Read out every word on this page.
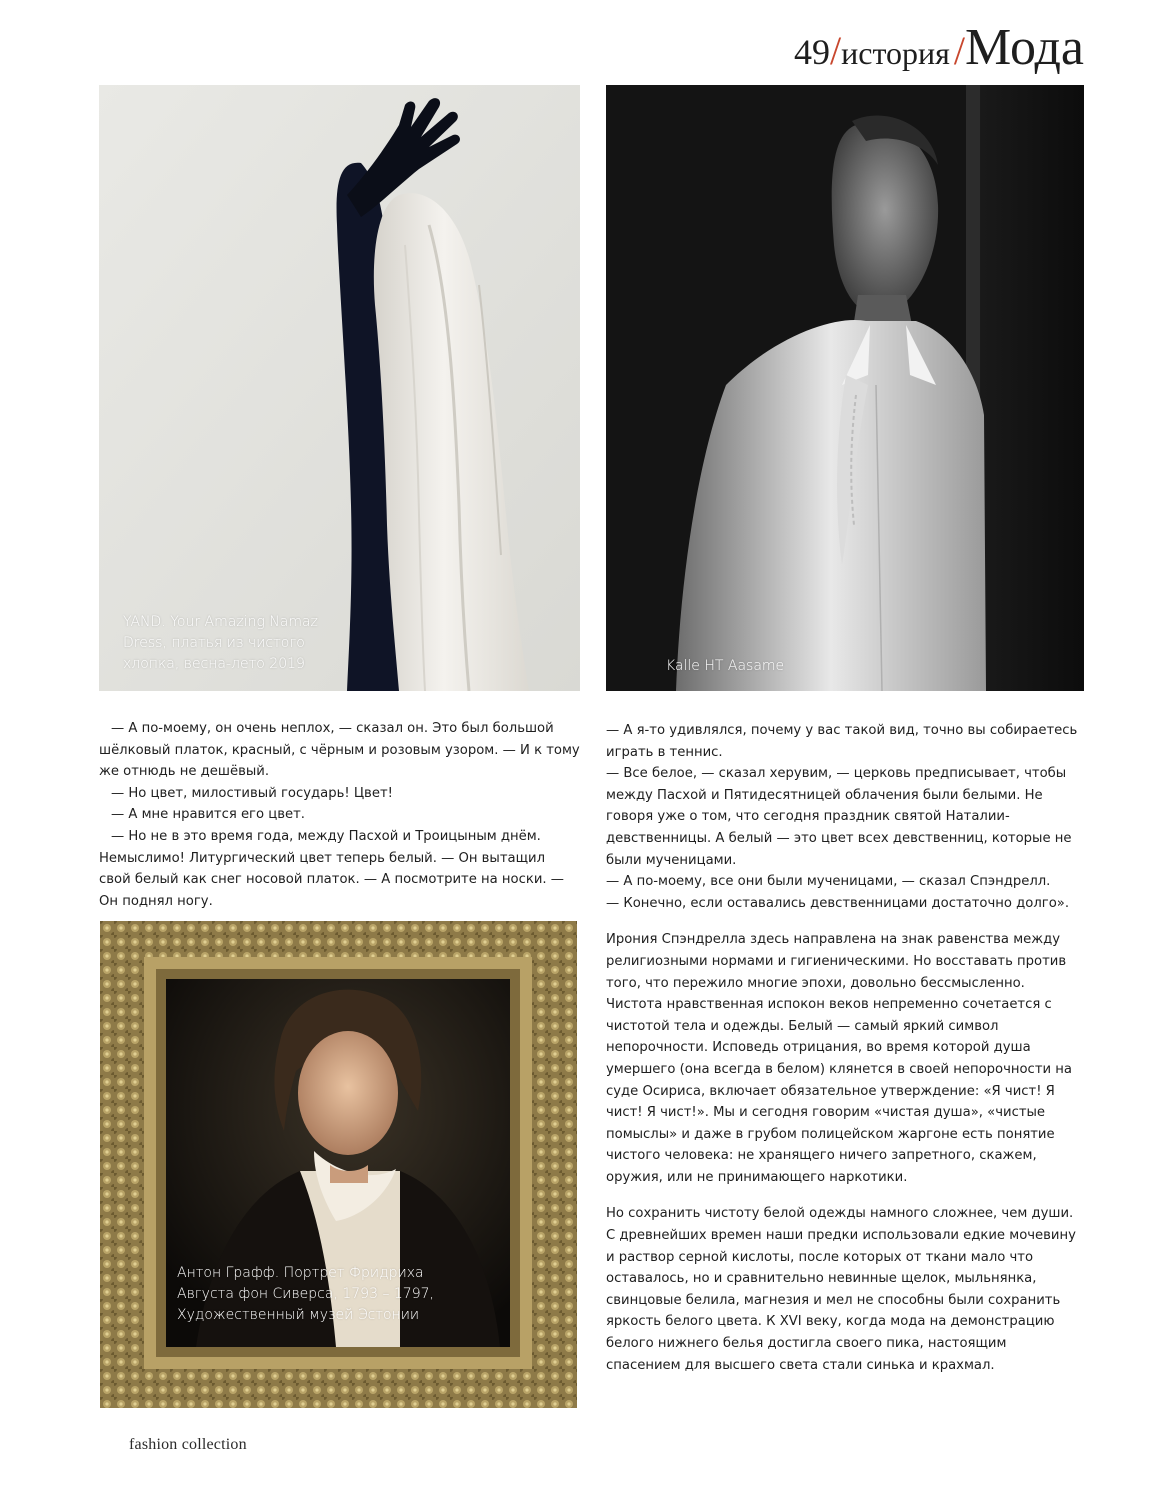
49/история /Мода
YAND. Your Amazing Namaz
Dress, платья из чистого
хлопка, весна-лето 2019	Kalle HT Aasame

— А по-моему, он очень неплох, — сказал он. Это был большой шёлковый платок, красный, с чёрным и розовым узором. — И к тому же отнюдь не дешёвый.

— Но цвет, милостивый государь! Цвет!

— А мне нравится его цвет.

— Но не в это время года, между Пасхой и Троицыным днём. Немыслимо! Литургический цвет теперь белый. — Он вытащил свой белый как снег носовой платок. — А посмотрите на носки. — Он поднял ногу.

— А я-то удивлялся, почему у вас такой вид, точно вы собираетесь играть в теннис.

— Все белое, — сказал херувим, — церковь предписывает, чтобы между Пасхой и Пятидесятницей облачения были белыми. Не говоря уже о том, что сегодня праздник святой Наталии-девственницы. А белый — это цвет всех девственниц, которые не были мученицами.

— А по-моему, все они были мученицами, — сказал Спэндрелл.

— Конечно, если оставались девственницами достаточно долго».

Ирония Спэндрелла здесь направлена на знак равенства между религиозными нормами и гигиеническими. Но восставать против того, что пережило многие эпохи, довольно бессмысленно. Чистота нравственная испокон веков непременно сочетается с чистотой тела и одежды. Белый — самый яркий символ непорочности. Исповедь отрицания, во время которой душа умершего (она всегда в белом) клянется в своей непорочности на суде Осириса, включает обязательное утверждение: «Я чист! Я чист! Я чист!». Мы и сегодня говорим «чистая душа», «чистые помыслы» и даже в грубом полицейском жаргоне есть понятие чистого человека: не хранящего ничего запретного, скажем, оружия, или не принимающего наркотики.

Но сохранить чистоту белой одежды намного сложнее, чем души. С древнейших времен наши предки использовали едкие мочевину и раствор серной кислоты, после которых от ткани мало что оставалось, но и сравнительно невинные щелок, мыльнянка, свинцовые белила, магнезия и мел не способны были сохранить яркость белого цвета. К XVI веку, когда мода на демонстрацию белого нижнего белья достигла своего пика, настоящим спасением для высшего света стали синька и крахмал.

Антон Графф. Портрет Фридриха
Августа фон Сиверса, 1793 – 1797,
Художественный музей Эстонии
fashion collection
